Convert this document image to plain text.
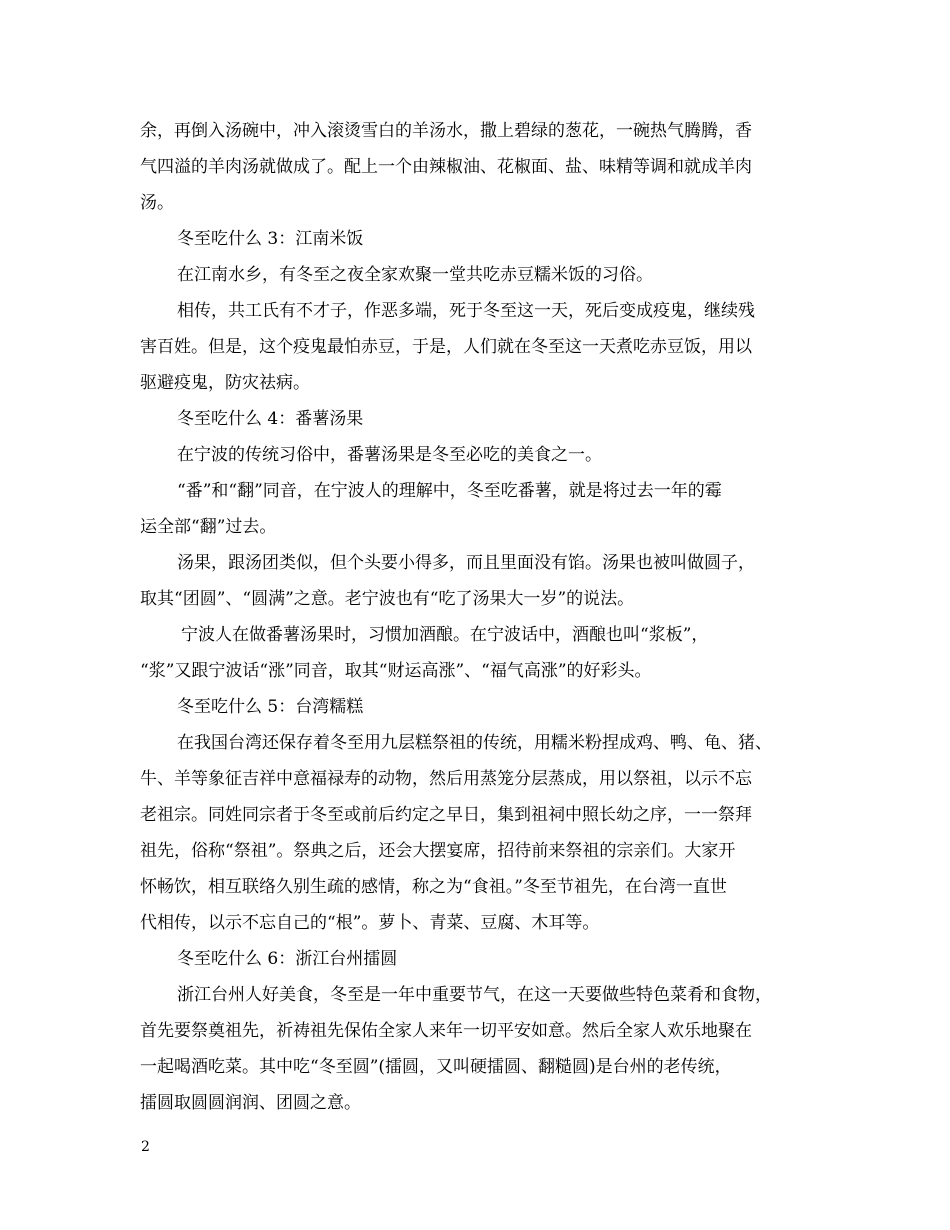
余，再倒入汤碗中，冲入滚烫雪白的羊汤水，撒上碧绿的葱花，一碗热气腾腾，香
气四溢的羊肉汤就做成了。配上一个由辣椒油、花椒面、盐、味精等调和就成羊肉
汤。
冬至吃什么 3：江南米饭
在江南水乡，有冬至之夜全家欢聚一堂共吃赤豆糯米饭的习俗。
相传，共工氏有不才子，作恶多端，死于冬至这一天，死后变成疫鬼，继续残
害百姓。但是，这个疫鬼最怕赤豆，于是，人们就在冬至这一天煮吃赤豆饭，用以
驱避疫鬼，防灾祛病。
冬至吃什么 4：番薯汤果
在宁波的传统习俗中，番薯汤果是冬至必吃的美食之一。
“番”和“翻”同音，在宁波人的理解中，冬至吃番薯，就是将过去一年的霉
运全部“翻”过去。
汤果，跟汤团类似，但个头要小得多，而且里面没有馅。汤果也被叫做圆子，
取其“团圆”、“圆满”之意。老宁波也有“吃了汤果大一岁”的说法。
宁波人在做番薯汤果时，习惯加酒酿。在宁波话中，酒酿也叫“浆板”，
“浆”又跟宁波话“涨”同音，取其“财运高涨”、“福气高涨”的好彩头。
冬至吃什么 5：台湾糯糕
在我国台湾还保存着冬至用九层糕祭祖的传统，用糯米粉捏成鸡、鸭、龟、猪、
牛、羊等象征吉祥中意福禄寿的动物，然后用蒸笼分层蒸成，用以祭祖，以示不忘
老祖宗。同姓同宗者于冬至或前后约定之早日，集到祖祠中照长幼之序，一一祭拜
祖先，俗称“祭祖”。祭典之后，还会大摆宴席，招待前来祭祖的宗亲们。大家开
怀畅饮，相互联络久别生疏的感情，称之为“食祖。”冬至节祖先，在台湾一直世
代相传，以示不忘自己的“根”。萝卜、青菜、豆腐、木耳等。
冬至吃什么 6：浙江台州擂圆
浙江台州人好美食，冬至是一年中重要节气，在这一天要做些特色菜肴和食物，
首先要祭奠祖先，祈祷祖先保佑全家人来年一切平安如意。然后全家人欢乐地聚在
一起喝酒吃菜。其中吃“冬至圆”(擂圆，又叫硬擂圆、翻糙圆)是台州的老传统，
擂圆取圆圆润润、团圆之意。
2
